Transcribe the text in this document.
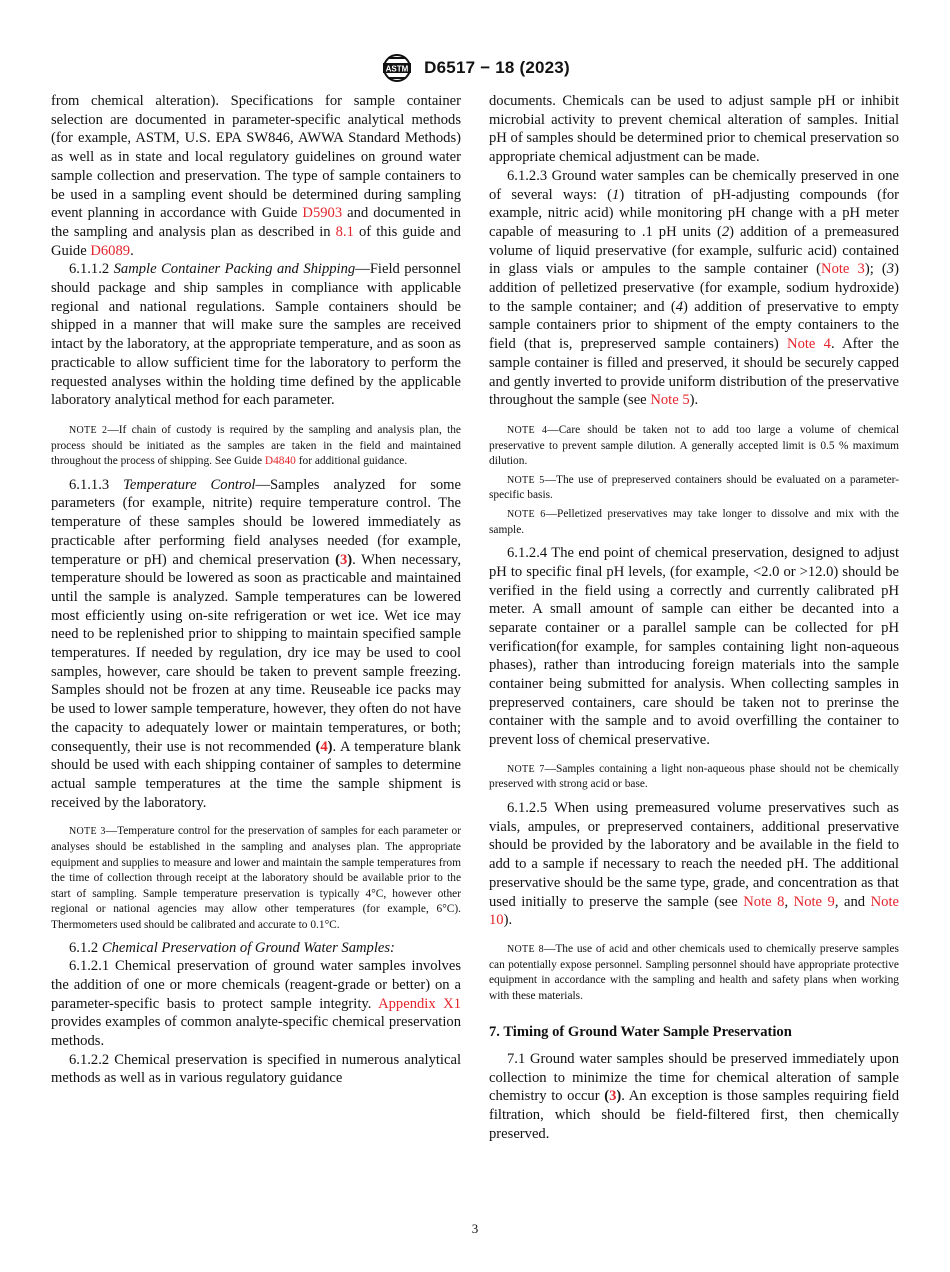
ASTM D6517 − 18 (2023)

from chemical alteration). Specifications for sample container selection are documented in parameter-specific analytical methods (for example, ASTM, U.S. EPA SW846, AWWA Standard Methods) as well as in state and local regulatory guidelines on ground water sample collection and preservation. The type of sample containers to be used in a sampling event should be determined during sampling event planning in accordance with Guide D5903 and documented in the sampling and analysis plan as described in 8.1 of this guide and Guide D6089.

6.1.1.2 Sample Container Packing and Shipping—Field personnel should package and ship samples in compliance with applicable regional and national regulations. Sample containers should be shipped in a manner that will make sure the samples are received intact by the laboratory, at the appropriate temperature, and as soon as practicable to allow sufficient time for the laboratory to perform the requested analyses within the holding time defined by the applicable laboratory analytical method for each parameter.

NOTE 2—If chain of custody is required by the sampling and analysis plan, the process should be initiated as the samples are taken in the field and maintained throughout the process of shipping. See Guide D4840 for additional guidance.

6.1.1.3 Temperature Control—Samples analyzed for some parameters (for example, nitrite) require temperature control. The temperature of these samples should be lowered immediately as practicable after performing field analyses needed (for example, temperature or pH) and chemical preservation (3). When necessary, temperature should be lowered as soon as practicable and maintained until the sample is analyzed. Sample temperatures can be lowered most efficiently using on-site refrigeration or wet ice. Wet ice may need to be replenished prior to shipping to maintain specified sample temperatures. If needed by regulation, dry ice may be used to cool samples, however, care should be taken to prevent sample freezing. Samples should not be frozen at any time. Reuseable ice packs may be used to lower sample temperature, however, they often do not have the capacity to adequately lower or maintain temperatures, or both; consequently, their use is not recommended (4). A temperature blank should be used with each shipping container of samples to determine actual sample temperatures at the time the sample shipment is received by the laboratory.

NOTE 3—Temperature control for the preservation of samples for each parameter or analyses should be established in the sampling and analyses plan. The appropriate equipment and supplies to measure and lower and maintain the sample temperatures from the time of collection through receipt at the laboratory should be available prior to the start of sampling. Sample temperature preservation is typically 4°C, however other regional or national agencies may allow other temperatures (for example, 6°C). Thermometers used should be calibrated and accurate to 0.1°C.

6.1.2 Chemical Preservation of Ground Water Samples:

6.1.2.1 Chemical preservation of ground water samples involves the addition of one or more chemicals (reagent-grade or better) on a parameter-specific basis to protect sample integrity. Appendix X1 provides examples of common analyte-specific chemical preservation methods.

6.1.2.2 Chemical preservation is specified in numerous analytical methods as well as in various regulatory guidance

documents. Chemicals can be used to adjust sample pH or inhibit microbial activity to prevent chemical alteration of samples. Initial pH of samples should be determined prior to chemical preservation so appropriate chemical adjustment can be made.

6.1.2.3 Ground water samples can be chemically preserved in one of several ways: (1) titration of pH-adjusting compounds (for example, nitric acid) while monitoring pH change with a pH meter capable of measuring to .1 pH units (2) addition of a premeasured volume of liquid preservative (for example, sulfuric acid) contained in glass vials or ampules to the sample container (Note 3); (3) addition of pelletized preservative (for example, sodium hydroxide) to the sample container; and (4) addition of preservative to empty sample containers prior to shipment of the empty containers to the field (that is, prepreserved sample containers) Note 4. After the sample container is filled and preserved, it should be securely capped and gently inverted to provide uniform distribution of the preservative throughout the sample (see Note 5).

NOTE 4—Care should be taken not to add too large a volume of chemical preservative to prevent sample dilution. A generally accepted limit is 0.5 % maximum dilution.

NOTE 5—The use of prepreserved containers should be evaluated on a parameter-specific basis.

NOTE 6—Pelletized preservatives may take longer to dissolve and mix with the sample.

6.1.2.4 The end point of chemical preservation, designed to adjust pH to specific final pH levels, (for example, <2.0 or >12.0) should be verified in the field using a correctly and currently calibrated pH meter. A small amount of sample can either be decanted into a separate container or a parallel sample can be collected for pH verification(for example, for samples containing light non-aqueous phases), rather than introducing foreign materials into the sample container being submitted for analysis. When collecting samples in prepreserved containers, care should be taken not to prerinse the container with the sample and to avoid overfilling the container to prevent loss of chemical preservative.

NOTE 7—Samples containing a light non-aqueous phase should not be chemically preserved with strong acid or base.

6.1.2.5 When using premeasured volume preservatives such as vials, ampules, or prepreserved containers, additional preservative should be provided by the laboratory and be available in the field to add to a sample if necessary to reach the needed pH. The additional preservative should be the same type, grade, and concentration as that used initially to preserve the sample (see Note 8, Note 9, and Note 10).

NOTE 8—The use of acid and other chemicals used to chemically preserve samples can potentially expose personnel. Sampling personnel should have appropriate protective equipment in accordance with the sampling and health and safety plans when working with these materials.

7. Timing of Ground Water Sample Preservation

7.1 Ground water samples should be preserved immediately upon collection to minimize the time for chemical alteration of sample chemistry to occur (3). An exception is those samples requiring field filtration, which should be field-filtered first, then chemically preserved.

3
